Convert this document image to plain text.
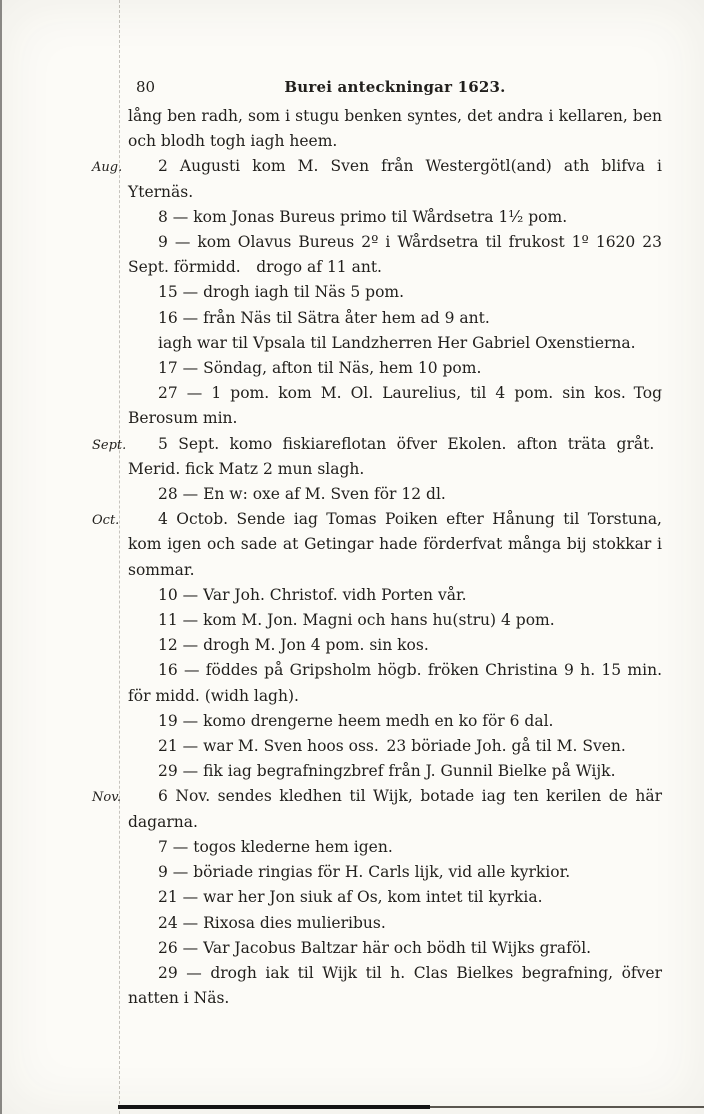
80	Burei anteckningar 1623.

lång ben radh, som i stugu benken syntes, det andra i kellaren, ben och blodh togh iagh heem.

Aug. 2 Augusti kom M. Sven från Westergötl(and) ath blifva i Yternäs.

8 — kom Jonas Bureus primo til Wårdsetra 1¹⁄₂ pom.

9 — kom Olavus Bureus 2º i Wårdsetra til frukost 1º 1620 23 Sept. förmidd. drogo af 11 ant.

15 — drogh iagh til Näs 5 pom.

16 — från Näs til Sätra åter hem ad 9 ant.

iagh war til Vpsala til Landzherren Her Gabriel Oxenstierna.

17 — Söndag, afton til Näs, hem 10 pom.

27 — 1 pom. kom M. Ol. Laurelius, til 4 pom. sin kos. Tog Berosum min.

Sept. 5 Sept. komo fiskiareflotan öfver Ekolen. afton träta gråt. Merid. fick Matz 2 mun slagh.

28 — En w: oxe af M. Sven för 12 dl.

Oct. 4 Octob. Sende iag Tomas Poiken efter Hånung til Torstuna, kom igen och sade at Getingar hade förderfvat många bij stokkar i sommar.

10 — Var Joh. Christof. vidh Porten vår.

11 — kom M. Jon. Magni och hans hu(stru) 4 pom.

12 — drogh M. Jon 4 pom. sin kos.

16 — föddes på Gripsholm högb. fröken Christina 9 h. 15 min. för midd. (widh lagh).

19 — komo drengerne heem medh en ko för 6 dal.

21 — war M. Sven hoos oss. 23 böriade Joh. gå til M. Sven.

29 — fik iag begrafningzbref från J. Gunnil Bielke på Wijk.

Nov. 6 Nov. sendes kledhen til Wijk, botade iag ten kerilen de här dagarna.

7 — togos klederne hem igen.

9 — böriade ringias för H. Carls lijk, vid alle kyrkior.

21 — war her Jon siuk af Os, kom intet til kyrkia.

24 — Rixosa dies mulieribus.

26 — Var Jacobus Baltzar här och bödh til Wijks graföl.

29 — drogh iak til Wijk til h. Clas Bielkes begrafning, öfver natten i Näs.
